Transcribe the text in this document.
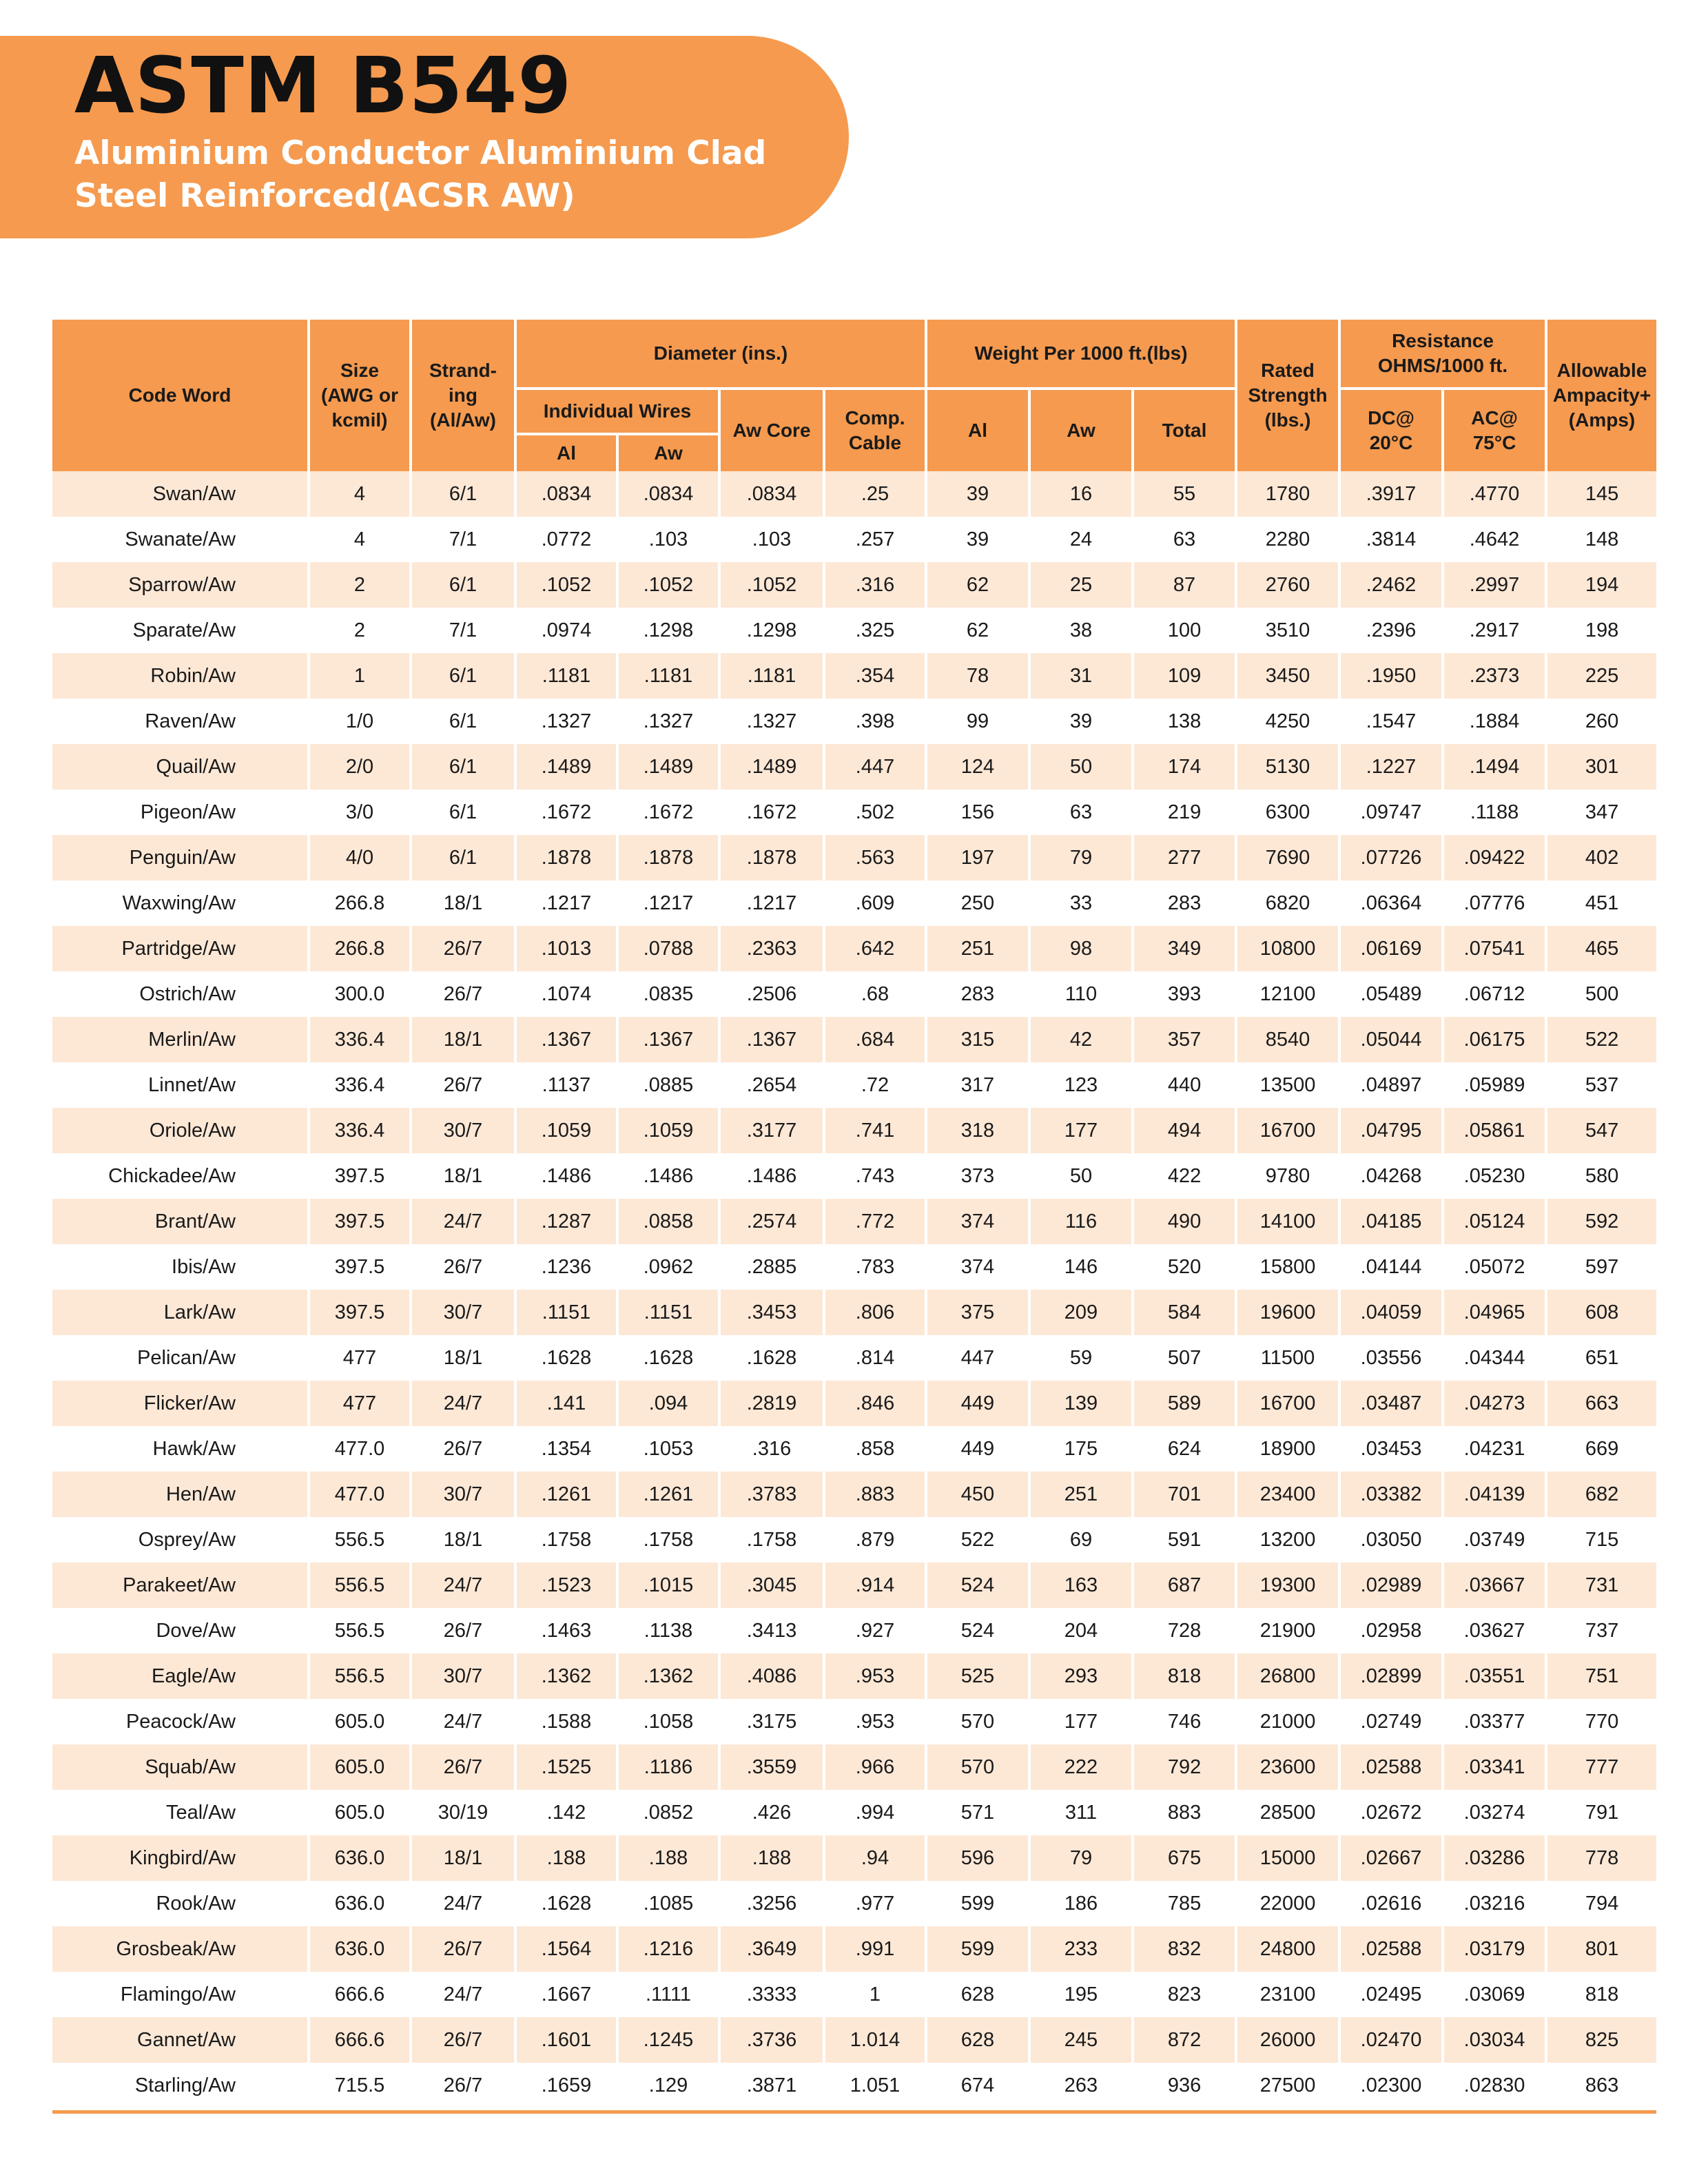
ASTM B549

Aluminium Conductor Aluminium Clad
Steel Reinforced(ACSR AW)

Code Word	Size (AWG or kcmil)	Strand- ing (Al/Aw)	Diameter (ins.)				Weight Per 1000 ft.(lbs)			Rated Strength (lbs.)	Resistance OHMS/1000 ft.		Allowable Ampacity+ (Amps)
			Individual Wires		Aw Core	Comp. Cable	Al	Aw	Total		DC@ 20°C	AC@ 75°C	
			Al	Aw									
Swan/Aw	4	6/1	.0834	.0834	.0834	.25	39	16	55	1780	.3917	.4770	145
Swanate/Aw	4	7/1	.0772	.103	.103	.257	39	24	63	2280	.3814	.4642	148
Sparrow/Aw	2	6/1	.1052	.1052	.1052	.316	62	25	87	2760	.2462	.2997	194
Sparate/Aw	2	7/1	.0974	.1298	.1298	.325	62	38	100	3510	.2396	.2917	198
Robin/Aw	1	6/1	.1181	.1181	.1181	.354	78	31	109	3450	.1950	.2373	225
Raven/Aw	1/0	6/1	.1327	.1327	.1327	.398	99	39	138	4250	.1547	.1884	260
Quail/Aw	2/0	6/1	.1489	.1489	.1489	.447	124	50	174	5130	.1227	.1494	301
Pigeon/Aw	3/0	6/1	.1672	.1672	.1672	.502	156	63	219	6300	.09747	.1188	347
Penguin/Aw	4/0	6/1	.1878	.1878	.1878	.563	197	79	277	7690	.07726	.09422	402
Waxwing/Aw	266.8	18/1	.1217	.1217	.1217	.609	250	33	283	6820	.06364	.07776	451
Partridge/Aw	266.8	26/7	.1013	.0788	.2363	.642	251	98	349	10800	.06169	.07541	465
Ostrich/Aw	300.0	26/7	.1074	.0835	.2506	.68	283	110	393	12100	.05489	.06712	500
Merlin/Aw	336.4	18/1	.1367	.1367	.1367	.684	315	42	357	8540	.05044	.06175	522
Linnet/Aw	336.4	26/7	.1137	.0885	.2654	.72	317	123	440	13500	.04897	.05989	537
Oriole/Aw	336.4	30/7	.1059	.1059	.3177	.741	318	177	494	16700	.04795	.05861	547
Chickadee/Aw	397.5	18/1	.1486	.1486	.1486	.743	373	50	422	9780	.04268	.05230	580
Brant/Aw	397.5	24/7	.1287	.0858	.2574	.772	374	116	490	14100	.04185	.05124	592
Ibis/Aw	397.5	26/7	.1236	.0962	.2885	.783	374	146	520	15800	.04144	.05072	597
Lark/Aw	397.5	30/7	.1151	.1151	.3453	.806	375	209	584	19600	.04059	.04965	608
Pelican/Aw	477	18/1	.1628	.1628	.1628	.814	447	59	507	11500	.03556	.04344	651
Flicker/Aw	477	24/7	.141	.094	.2819	.846	449	139	589	16700	.03487	.04273	663
Hawk/Aw	477.0	26/7	.1354	.1053	.316	.858	449	175	624	18900	.03453	.04231	669
Hen/Aw	477.0	30/7	.1261	.1261	.3783	.883	450	251	701	23400	.03382	.04139	682
Osprey/Aw	556.5	18/1	.1758	.1758	.1758	.879	522	69	591	13200	.03050	.03749	715
Parakeet/Aw	556.5	24/7	.1523	.1015	.3045	.914	524	163	687	19300	.02989	.03667	731
Dove/Aw	556.5	26/7	.1463	.1138	.3413	.927	524	204	728	21900	.02958	.03627	737
Eagle/Aw	556.5	30/7	.1362	.1362	.4086	.953	525	293	818	26800	.02899	.03551	751
Peacock/Aw	605.0	24/7	.1588	.1058	.3175	.953	570	177	746	21000	.02749	.03377	770
Squab/Aw	605.0	26/7	.1525	.1186	.3559	.966	570	222	792	23600	.02588	.03341	777
Teal/Aw	605.0	30/19	.142	.0852	.426	.994	571	311	883	28500	.02672	.03274	791
Kingbird/Aw	636.0	18/1	.188	.188	.188	.94	596	79	675	15000	.02667	.03286	778
Rook/Aw	636.0	24/7	.1628	.1085	.3256	.977	599	186	785	22000	.02616	.03216	794
Grosbeak/Aw	636.0	26/7	.1564	.1216	.3649	.991	599	233	832	24800	.02588	.03179	801
Flamingo/Aw	666.6	24/7	.1667	.1111	.3333	1	628	195	823	23100	.02495	.03069	818
Gannet/Aw	666.6	26/7	.1601	.1245	.3736	1.014	628	245	872	26000	.02470	.03034	825
Starling/Aw	715.5	26/7	.1659	.129	.3871	1.051	674	263	936	27500	.02300	.02830	863
